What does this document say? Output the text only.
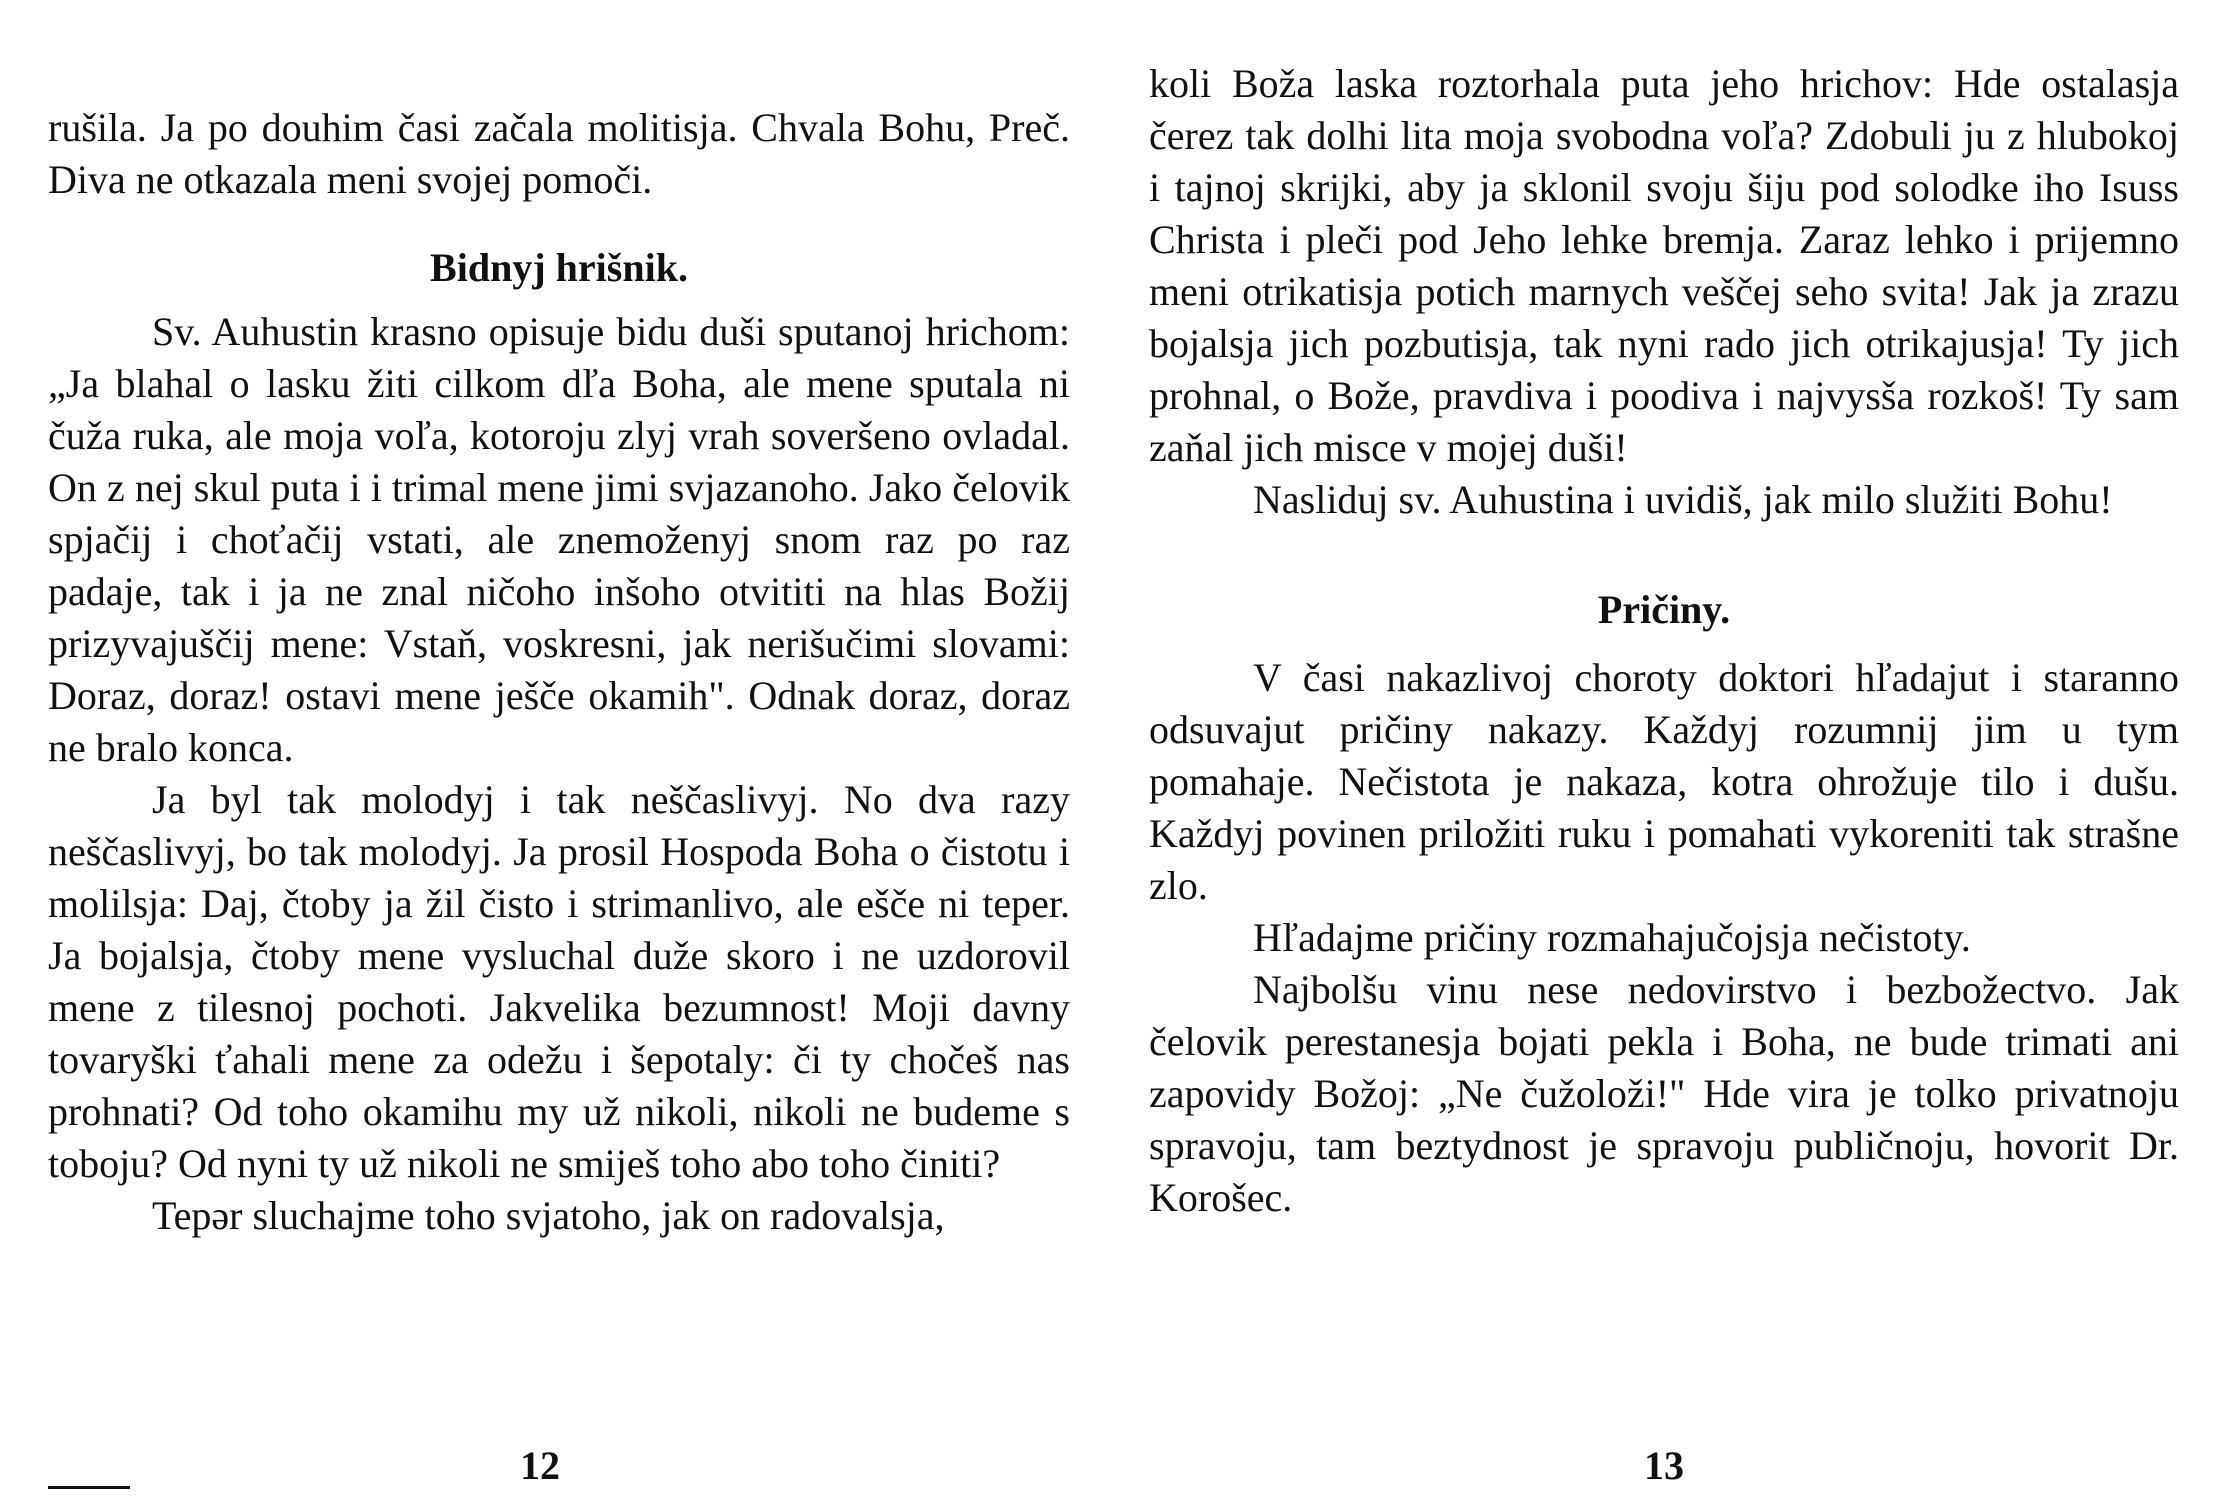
rušila. Ja po douhim časi začala molitisja. Chvala Bohu, Preč. Diva ne otkazala meni svojej pomoči.

Bidnyj hrišnik.

Sv. Auhustin krasno opisuje bidu duši sputanoj hrichom: „Ja blahal o lasku žiti cilkom dľa Boha, ale mene sputala ni čuža ruka, ale moja voľa, kotoroju zlyj vrah soveršeno ovladal. On z nej skul puta i i trimal mene jimi svjazanoho. Jako čelovik spjačij i choťačij vstati, ale znemoženyj snom raz po raz padaje, tak i ja ne znal ničoho inšoho otvititi na hlas Božij prizyvajuščij mene: Vstaň, voskresni, jak nerišučimi slovami: Doraz, doraz! ostavi mene ješče okamih". Odnak doraz, doraz ne bralo konca.

Ja byl tak molodyj i tak neščaslivyj. No dva razy neščaslivyj, bo tak molodyj. Ja prosil Hospoda Boha o čistotu i molilsja: Daj, čtoby ja žil čisto i strimanlivo, ale ešče ni teper. Ja bojalsja, čtoby mene vysluchal duže skoro i ne uzdorovil mene z tilesnoj pochoti. Jakvelika bezumnost! Moji davny tovaryški ťahali mene za odežu i šepotaly: či ty chočeš nas prohnati? Od toho okamihu my už nikoli, nikoli ne budeme s toboju? Od nyni ty už nikoli ne smiješ toho abo toho činiti?

Tepər sluchajme toho svjatoho, jak on radovalsja,

12

koli Boža laska roztorhala puta jeho hrichov: Hde ostalasja čerez tak dolhi lita moja svobodna voľa? Zdobuli ju z hlubokoj i tajnoj skrijki, aby ja sklonil svoju šiju pod solodke iho Isuss Christa i pleči pod Jeho lehke bremja. Zaraz lehko i prijemno meni otrikatisja potich marnych veščej seho svita! Jak ja zrazu bojalsja jich pozbutisja, tak nyni rado jich otrikajusja! Ty jich prohnal, o Bože, pravdiva i poodiva i najvysša rozkoš! Ty sam zaňal jich misce v mojej duši!

Nasliduj sv. Auhustina i uvidiš, jak milo služiti Bohu!

Pričiny.

V časi nakazlivoj choroty doktori hľadajut i staranno odsuvajut pričiny nakazy. Každyj rozumnij jim u tym pomahaje. Nečistota je nakaza, kotra ohrožuje tilo i dušu. Každyj povinen priložiti ruku i pomahati vykoreniti tak strašne zlo.

Hľadajme pričiny rozmahajučojsja nečistoty.

Najbolšu vinu nese nedovirstvo i bezbožectvo. Jak čelovik perestanesja bojati pekla i Boha, ne bude trimati ani zapovidy Božoj: „Ne čužoloži!" Hde vira je tolko privatnoju spravoju, tam beztydnost je spravoju publičnoju, hovorit Dr. Korošec.

13
